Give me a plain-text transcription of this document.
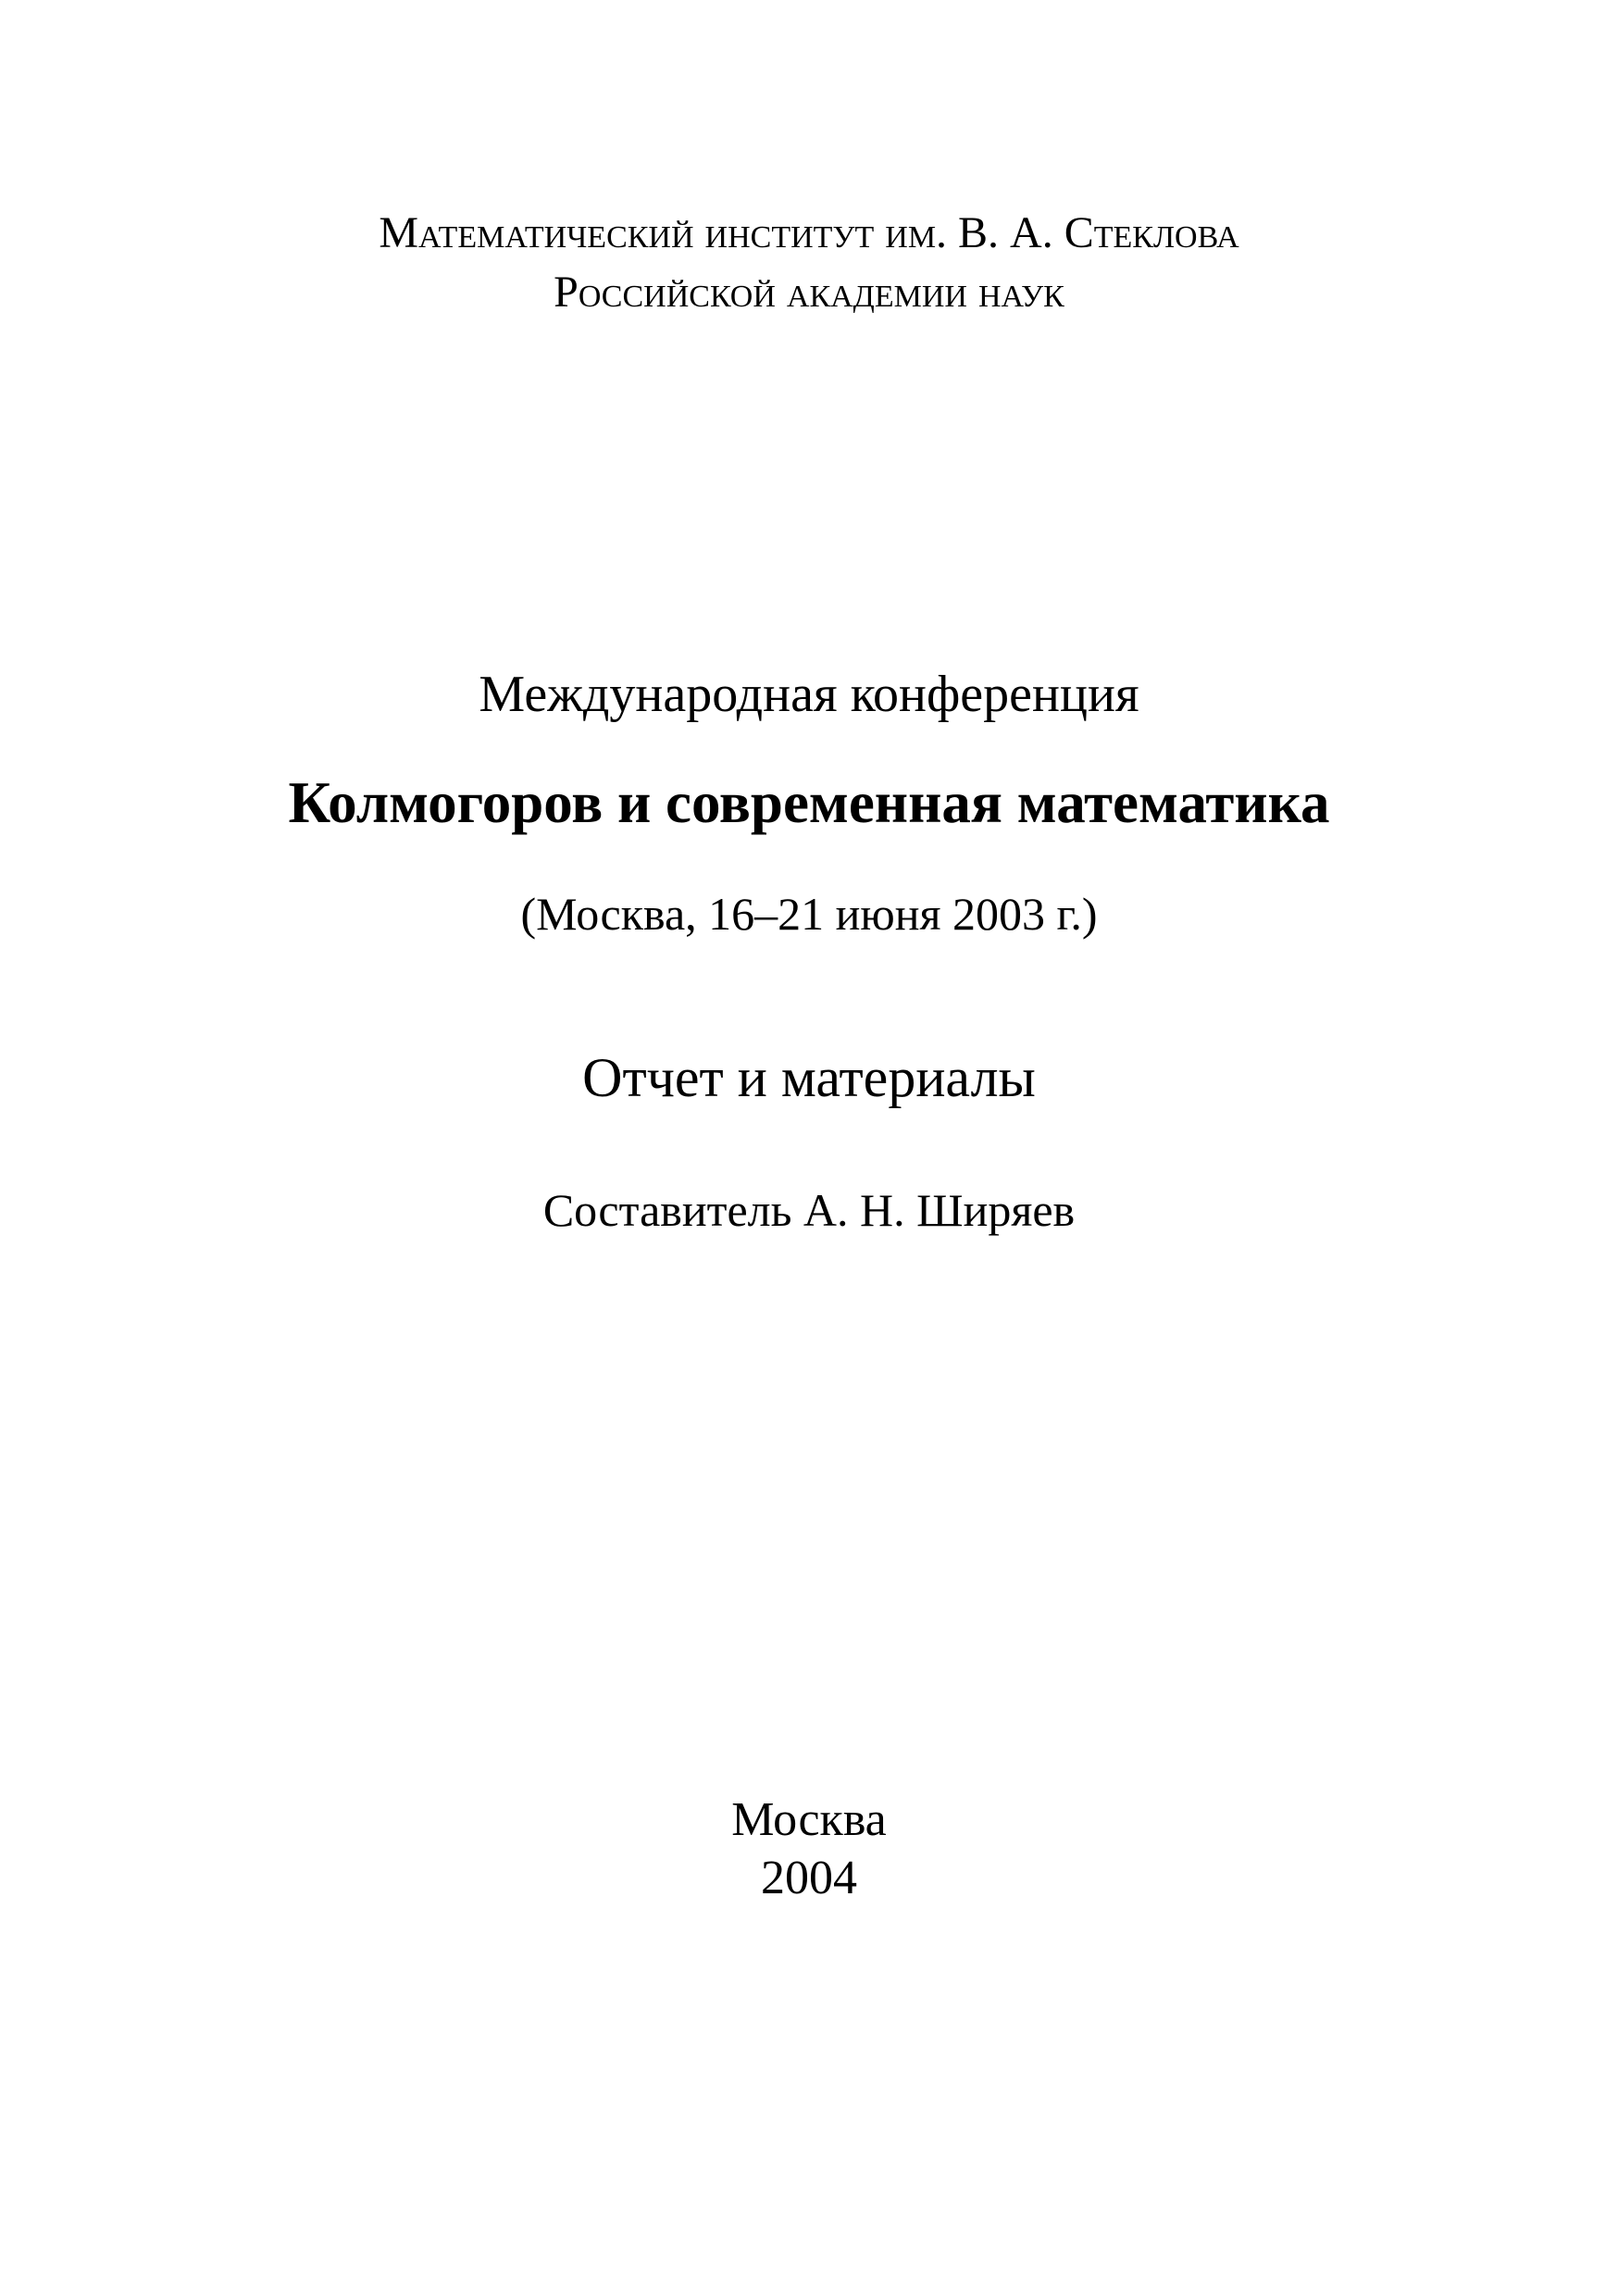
Математический институт им. В. А. Стеклова
Российской академии наук
Международная конференция
Колмогоров и современная математика
(Москва, 16–21 июня 2003 г.)
Отчет и материалы
Составитель А. Н. Ширяев
Москва
2004
